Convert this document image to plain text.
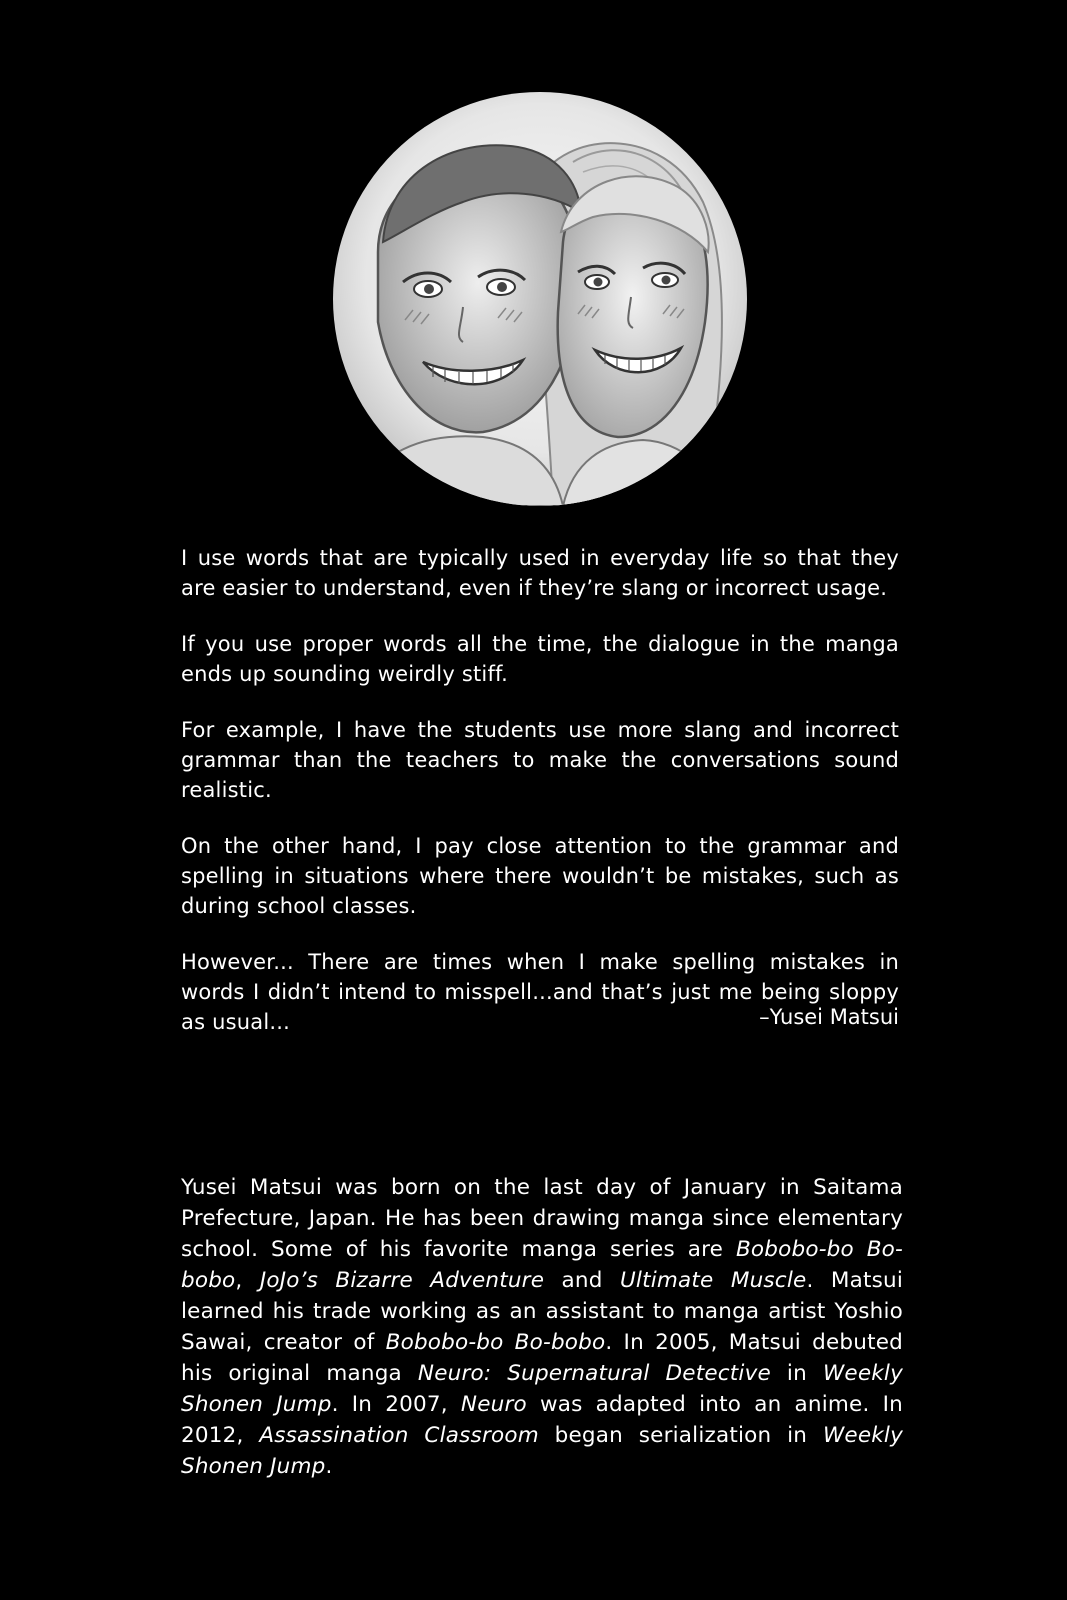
I use words that are typically used in everyday life so that they are easier to understand, even if they’re slang or incorrect usage.

If you use proper words all the time, the dialogue in the manga ends up sounding weirdly stiff.

For example, I have the students use more slang and incorrect grammar than the teachers to make the conversations sound realistic.

On the other hand, I pay close attention to the grammar and spelling in situations where there wouldn’t be mistakes, such as during school classes.

However... There are times when I make spelling mistakes in words I didn’t intend to misspell...and that’s just me being sloppy as usual...	–Yusei Matsui

Yusei Matsui was born on the last day of January in Saitama Prefecture, Japan. He has been drawing manga since elementary school. Some of his favorite manga series are Bobobo-bo Bo-bobo, JoJo’s Bizarre Adventure and Ultimate Muscle. Matsui learned his trade working as an assistant to manga artist Yoshio Sawai, creator of Bobobo-bo Bo-bobo. In 2005, Matsui debuted his original manga Neuro: Supernatural Detective in Weekly Shonen Jump. In 2007, Neuro was adapted into an anime. In 2012, Assassination Classroom began serialization in Weekly Shonen Jump.
